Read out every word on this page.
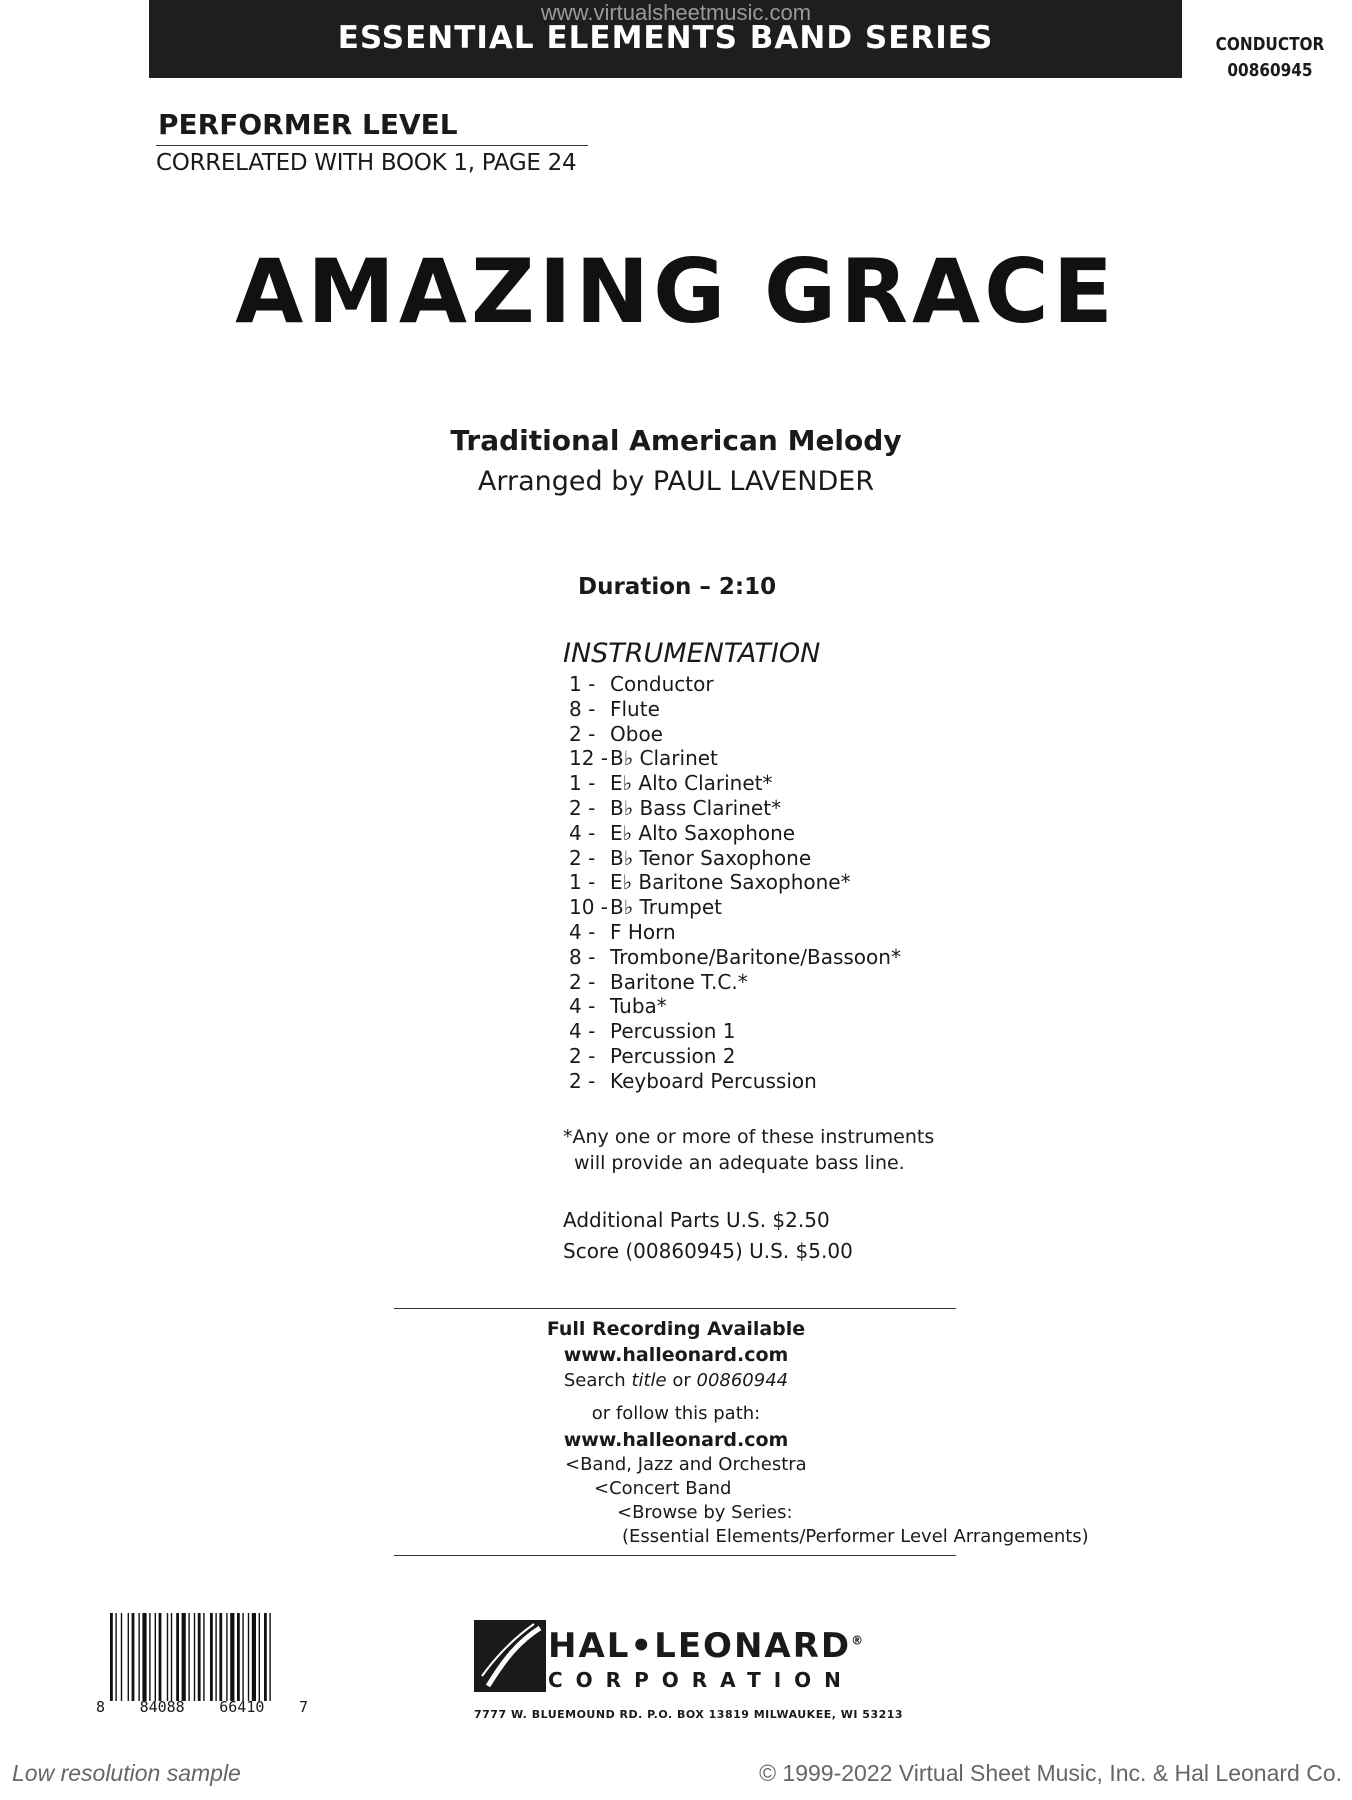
www.virtualsheetmusic.com
ESSENTIAL ELEMENTS BAND SERIES	CONDUCTOR
00860945
PERFORMER LEVEL
CORRELATED WITH BOOK 1, PAGE 24
AMAZING GRACE
Traditional American Melody
Arranged by PAUL LAVENDER
Duration – 2:10
INSTRUMENTATION
1 - Conductor
8 - Flute
2 - Oboe
12 - B♭ Clarinet
1 - E♭ Alto Clarinet*
2 - B♭ Bass Clarinet*
4 - E♭ Alto Saxophone
2 - B♭ Tenor Saxophone
1 - E♭ Baritone Saxophone*
10 - B♭ Trumpet
4 - F Horn
8 - Trombone/Baritone/Bassoon*
2 - Baritone T.C.*
4 - Tuba*
4 - Percussion 1
2 - Percussion 2
2 - Keyboard Percussion
*Any one or more of these instruments
will provide an adequate bass line.
Additional Parts U.S. $2.50
Score (00860945) U.S. $5.00
Full Recording Available
www.halleonard.com
Search title or 00860944
or follow this path:
www.halleonard.com
<Band, Jazz and Orchestra
<Concert Band
<Browse by Series:
(Essential Elements/Performer Level Arrangements)
8 84088 66410 7
HAL•LEONARD®
CORPORATION
7777 W. BLUEMOUND RD. P.O. BOX 13819 MILWAUKEE, WI 53213
Low resolution sample	© 1999-2022 Virtual Sheet Music, Inc. & Hal Leonard Co.
